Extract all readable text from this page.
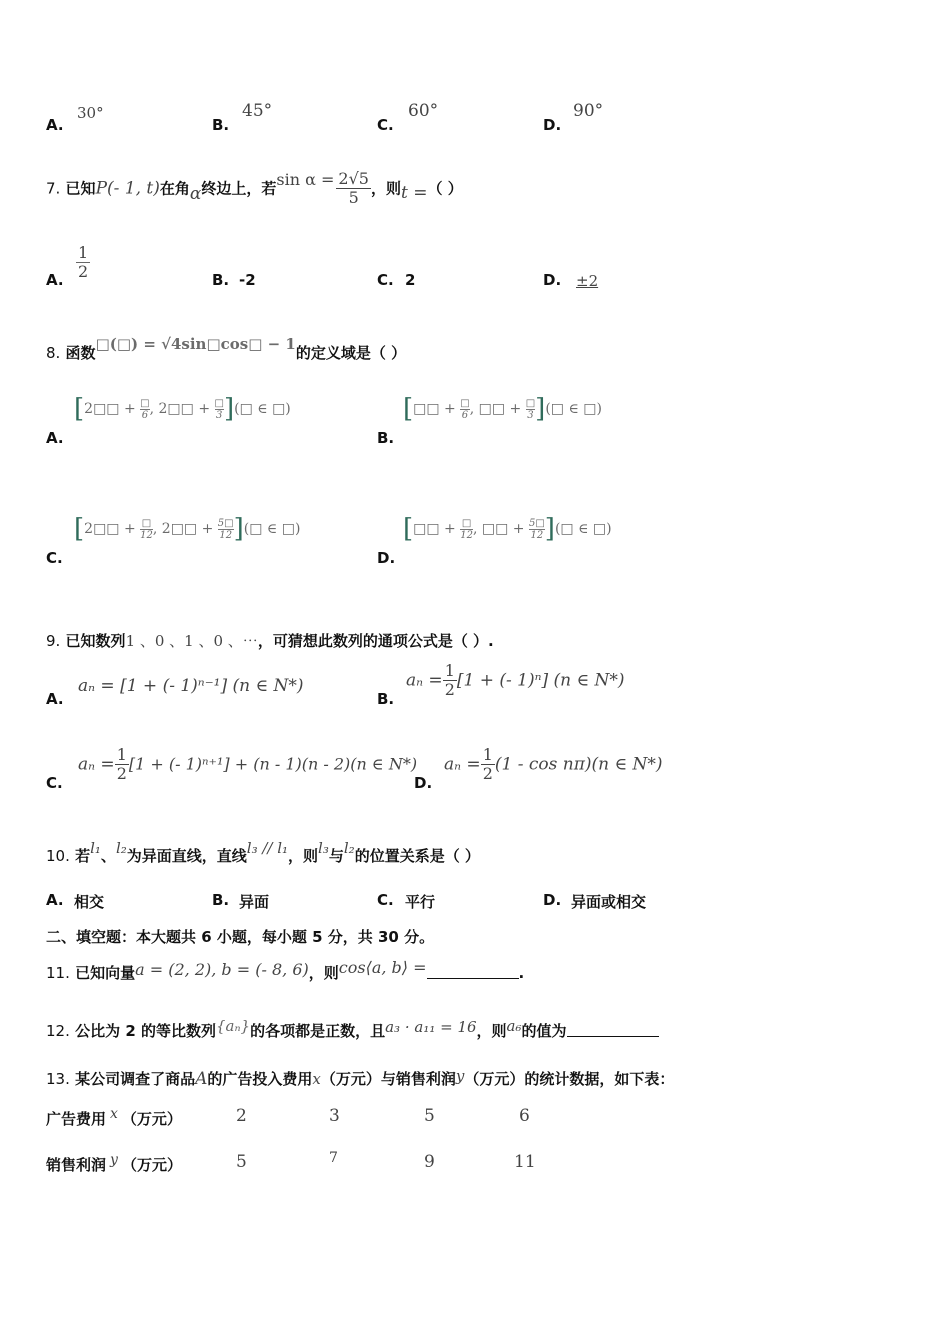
A.
30°
B.
45°
C.
60°
D.
90°
7. 已知P(- 1, t)在角α终边上，若$\sin \alpha = \frac{2√5}{5}$ ，则t =（ ）
A. $\frac{1}{2}$	B. -2	C. 2	D. ±2
8. 函数□(□) = √4sin□cos□ − 1的定义域是（ ）
A.
[2□□ + □
6 , 2□□ + □
3 ](□ ∈ □)
B.
[□□ + □
6 , □□ + □
3 ](□ ∈ □)
C.
[2□□ + □
12 , 2□□ + $\frac{5□}{12}$ ](□ ∈ □)
D.
[□□ + □
12 , □□ + $\frac{5□}{12}$ ](□ ∈ □)
9. 已知数列1 、0 、1 、0 、⋯，可猜想此数列的通项公式是（ ）.
A.
aₙ = [1 + (- 1)ⁿ⁻¹] (n ∈ N*)
B.
$a_n = \frac{1}{2} [1$ + (- 1)ⁿ] (n ∈ N*)
C.
$a_n = \frac{1}{2} [1$ + (- 1)ⁿ⁺¹] + (n - 1)(n - 2)(n ∈ N*)
D.
$a_n = \frac{1}{2} (1 - \cos n\pi)(n$ ∈ N*)
10. 若l₁、l₂为异面直线，直线l₃ // l₁，则l₃与l₂的位置关系是（ ）
A. 相交	B. 异面	C. 平行	D. 异面或相交
二、填空题：本大题共 6 小题，每小题 5 分，共 30 分。
11. 已知向量a = (2, 2), b = (- 8, 6)，则cos⟨a, b⟩ =	.
12. 公比为 2 的等比数列{aₙ}的各项都是正数，且a₃ · a₁₁ = 16，则a₆的值为
13. 某公司调查了商品A的广告投入费用x（万元）与销售利润y（万元）的统计数据，如下表：
广告费用 x （万元）	2	3	5	6
销售利润 y （万元）	5	7	9	11
